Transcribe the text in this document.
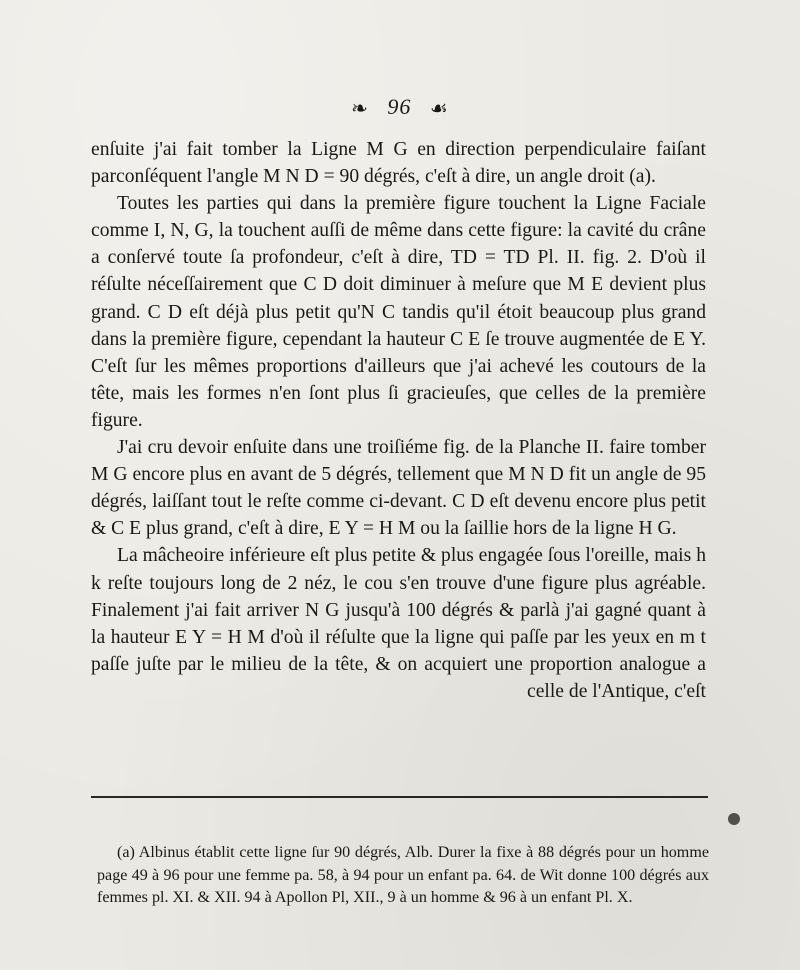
❧ 96 ☙

enſuite j'ai fait tomber la Ligne M G en direction perpendiculaire faiſant parconſéquent l'angle M N D = 90 dégrés, c'eſt à dire, un angle droit (a).

Toutes les parties qui dans la première figure touchent la Ligne Faciale comme I, N, G, la touchent auſſi de même dans cette figure: la cavité du crâne a conſervé toute ſa profondeur, c'eſt à dire, TD = TD Pl. II. fig. 2. D'où il réſulte néceſſairement que C D doit diminuer à meſure que M E devient plus grand. C D eſt déjà plus petit qu'N C tandis qu'il étoit beaucoup plus grand dans la première figure, cependant la hauteur C E ſe trouve augmentée de E Y. C'eſt ſur les mêmes proportions d'ailleurs que j'ai achevé les coutours de la tête, mais les formes n'en ſont plus ſi gracieuſes, que celles de la première figure.

J'ai cru devoir enſuite dans une troiſiéme fig. de la Planche II. faire tomber M G encore plus en avant de 5 dégrés, tellement que M N D fit un angle de 95 dégrés, laiſſant tout le reſte comme ci-devant. C D eſt devenu encore plus petit & C E plus grand, c'eſt à dire, E Y = H M ou la ſaillie hors de la ligne H G.

La mâcheoire inférieure eſt plus petite & plus engagée ſous l'oreille, mais h k reſte toujours long de 2 néz, le cou s'en trouve d'une figure plus agréable. Finalement j'ai fait arriver N G jusqu'à 100 dégrés & parlà j'ai gagné quant à la hauteur E Y = H M d'où il réſulte que la ligne qui paſſe par les yeux en m t paſſe juſte par le milieu de la tête, & on acquiert une proportion analogue a celle de l'Antique, c'eſt

(a) Albinus établit cette ligne ſur 90 dégrés, Alb. Durer la fixe à 88 dégrés pour un homme page 49 à 96 pour une femme pa. 58, à 94 pour un enfant pa. 64. de Wit donne 100 dégrés aux femmes pl. XI. & XII. 94 à Apollon Pl, XII., 9 à un homme & 96 à un enfant Pl. X.
